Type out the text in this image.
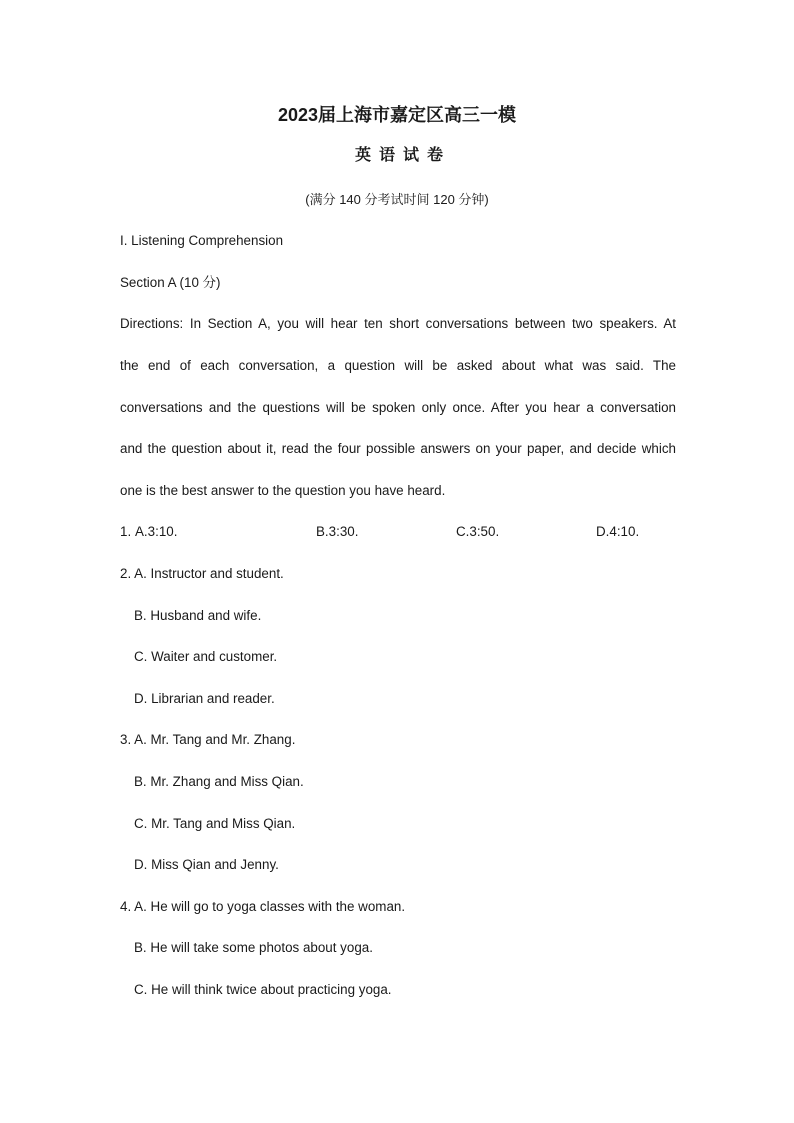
2023届上海市嘉定区高三一模
英语试卷
(满分 140 分考试时间 120 分钟)
I. Listening Comprehension
Section A (10 分)
Directions: In Section A, you will hear ten short conversations between two speakers. At
the end of each conversation, a question will be asked about what was said. The
conversations and the questions will be spoken only once. After you hear a conversation
and the question about it, read the four possible answers on your paper, and decide which
one is the best answer to the question you have heard.
1. A.3:10.	B.3:30.	C.3:50.	D.4:10.
2. A. Instructor and student.
B. Husband and wife.
C. Waiter and customer.
D. Librarian and reader.
3. A. Mr. Tang and Mr. Zhang.
B. Mr. Zhang and Miss Qian.
C. Mr. Tang and Miss Qian.
D. Miss Qian and Jenny.
4. A. He will go to yoga classes with the woman.
B. He will take some photos about yoga.
C. He will think twice about practicing yoga.
